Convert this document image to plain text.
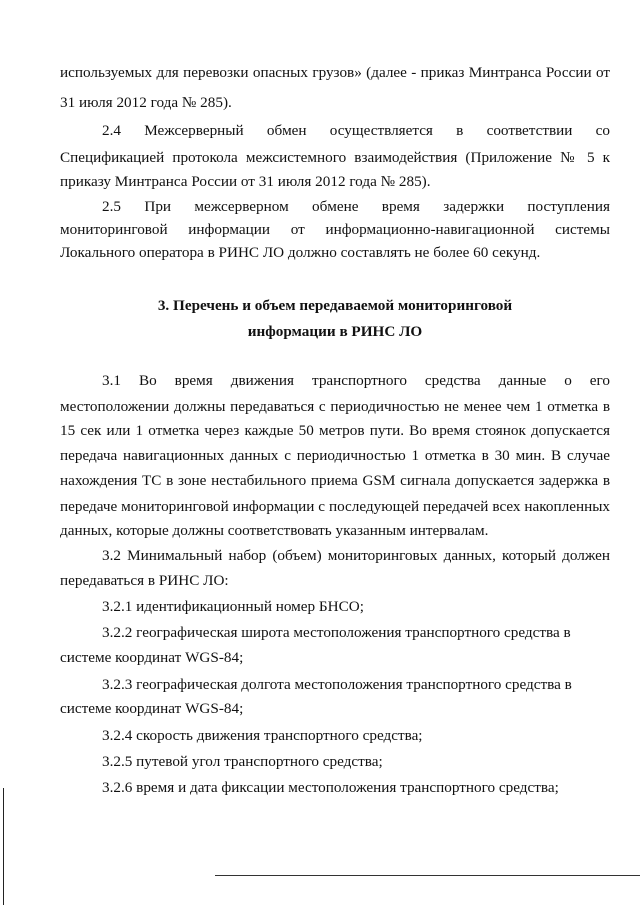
используемых для перевозки опасных грузов» (далее - приказ Минтранса России от
31 июля 2012 года № 285).
2.4 Межсерверный обмен осуществляется в соответствии со
Спецификацией протокола межсистемного взаимодействия (Приложение № 5 к
приказу Минтранса России от 31 июля 2012 года № 285).
2.5 При межсерверном обмене время задержки поступления
мониторинговой информации от информационно-навигационной системы
Локального оператора в РИНС ЛО должно составлять не более 60 секунд.
3. Перечень и объем передаваемой мониторинговой
информации в РИНС ЛО
3.1 Во время движения транспортного средства данные о его
местоположении должны передаваться с периодичностью не менее чем 1 отметка в
15 сек или 1 отметка через каждые 50 метров пути. Во время стоянок допускается
передача навигационных данных с периодичностью 1 отметка в 30 мин. В случае
нахождения ТС в зоне нестабильного приема GSM сигнала допускается задержка в
передаче мониторинговой информации с последующей передачей всех накопленных
данных, которые должны соответствовать указанным интервалам.
3.2 Минимальный набор (объем) мониторинговых данных, который должен
передаваться в РИНС ЛО:
3.2.1 идентификационный номер БНСО;
3.2.2 географическая широта местоположения транспортного средства в
системе координат WGS-84;
3.2.3 географическая долгота местоположения транспортного средства в
системе координат WGS-84;
3.2.4 скорость движения транспортного средства;
3.2.5 путевой угол транспортного средства;
3.2.6 время и дата фиксации местоположения транспортного средства;
